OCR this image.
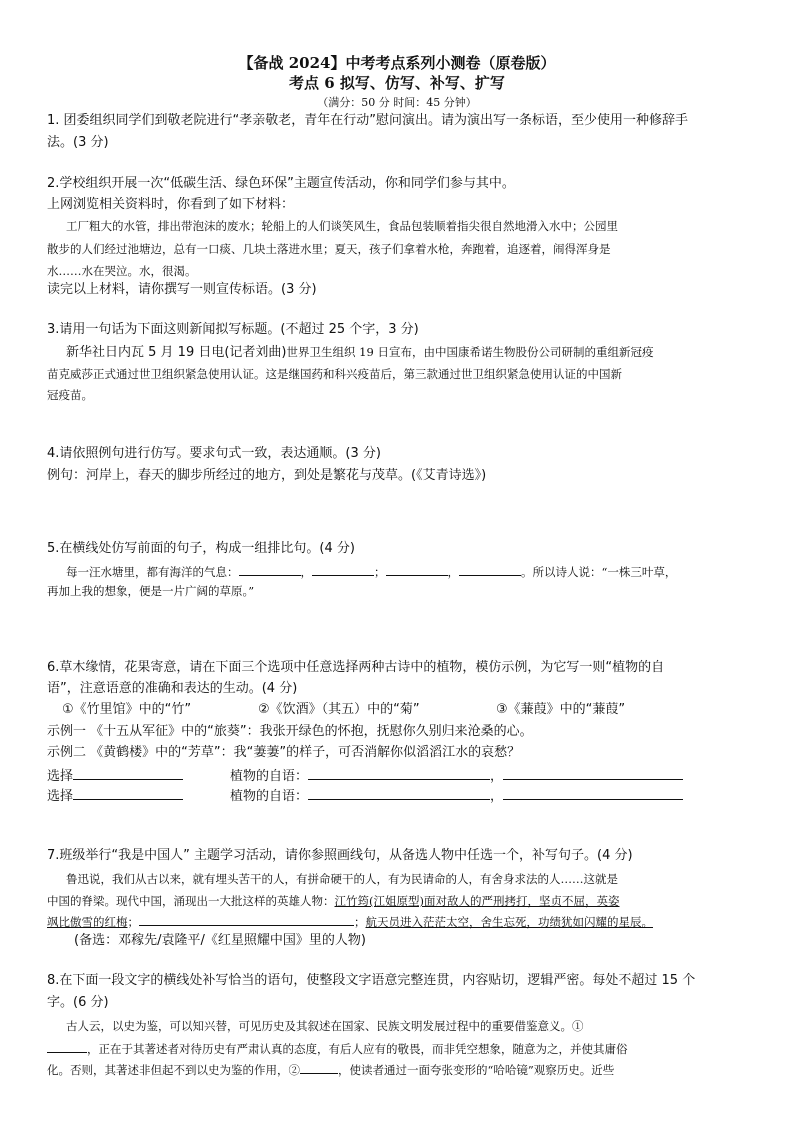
【备战 2024】中考考点系列小测卷（原卷版）
考点 6 拟写、仿写、补写、扩写
（满分：50 分 时间：45 分钟）
1. 团委组织同学们到敬老院进行“孝亲敬老，青年在行动”慰问演出。请为演出写一条标语，至少使用一种修辞手
法。(3 分)
2.学校组织开展一次“低碳生活、绿色环保”主题宣传活动，你和同学们参与其中。
上网浏览相关资料时，你看到了如下材料：
工厂粗大的水管，排出带泡沫的废水；轮船上的人们谈笑风生，食品包装顺着指尖很自然地滑入水中；公园里
散步的人们经过池塘边，总有一口痰、几块土落进水里；夏天，孩子们拿着水枪，奔跑着，追逐着，闹得浑身是
水……水在哭泣。水，很渴。
读完以上材料，请你撰写一则宣传标语。(3 分)
3.请用一句话为下面这则新闻拟写标题。(不超过 25 个字，3 分)
新华社日内瓦 5 月 19 日电(记者刘曲)世界卫生组织 19 日宣布，由中国康希诺生物股份公司研制的重组新冠疫
苗克威莎正式通过世卫组织紧急使用认证。这是继国药和科兴疫苗后，第三款通过世卫组织紧急使用认证的中国新
冠疫苗。
4.请依照例句进行仿写。要求句式一致，表达通顺。(3 分)
例句：河岸上，春天的脚步所经过的地方，到处是繁花与茂草。(《艾青诗选》)
5.在横线处仿写前面的句子，构成一组排比句。(4 分)
每一汪水塘里，都有海洋的气息：	，	；	，	。所以诗人说：“一株三叶草，
再加上我的想象，便是一片广阔的草原。”
6.草木缘情，花果寄意，请在下面三个选项中任意选择两种古诗中的植物，模仿示例，为它写一则“植物的自
语”，注意语意的准确和表达的生动。(4 分)
①《竹里馆》中的“竹”	②《饮酒》（其五）中的“菊”	③《蒹葭》中的“蒹葭”
示例一 《十五从军征》中的“旅葵”：我张开绿色的怀抱，抚慰你久别归来沧桑的心。
示例二 《黄鹤楼》中的“芳草”：我“萋萋”的样子，可否消解你似滔滔江水的哀愁？
选择	植物的自语：	，
选择	植物的自语：	，
7.班级举行“我是中国人” 主题学习活动，请你参照画线句，从备选人物中任选一个，补写句子。(4 分)
鲁迅说，我们从古以来，就有埋头苦干的人，有拼命硬干的人，有为民请命的人，有舍身求法的人……这就是
中国的脊梁。现代中国，涌现出一大批这样的英雄人物：江竹筠(江姐原型)面对敌人的严刑拷打，坚贞不屈，英姿
飒比傲雪的红梅；	；航天员进入茫茫太空，舍生忘死，功绩犹如闪耀的星辰。
(备选：邓稼先/袁隆平/《红星照耀中国》里的人物)
8.在下面一段文字的横线处补写恰当的语句，使整段文字语意完整连贯，内容贴切，逻辑严密。每处不超过 15 个
字。(6 分)
古人云，以史为鉴，可以知兴替，可见历史及其叙述在国家、民族文明发展过程中的重要借鉴意义。①
，正在于其著述者对待历史有严肃认真的态度，有后人应有的敬畏，而非凭空想象，随意为之，并使其庸俗
化。否则，其著述非但起不到以史为鉴的作用，②	，使读者通过一面夸张变形的“哈哈镜”观察历史。近些
